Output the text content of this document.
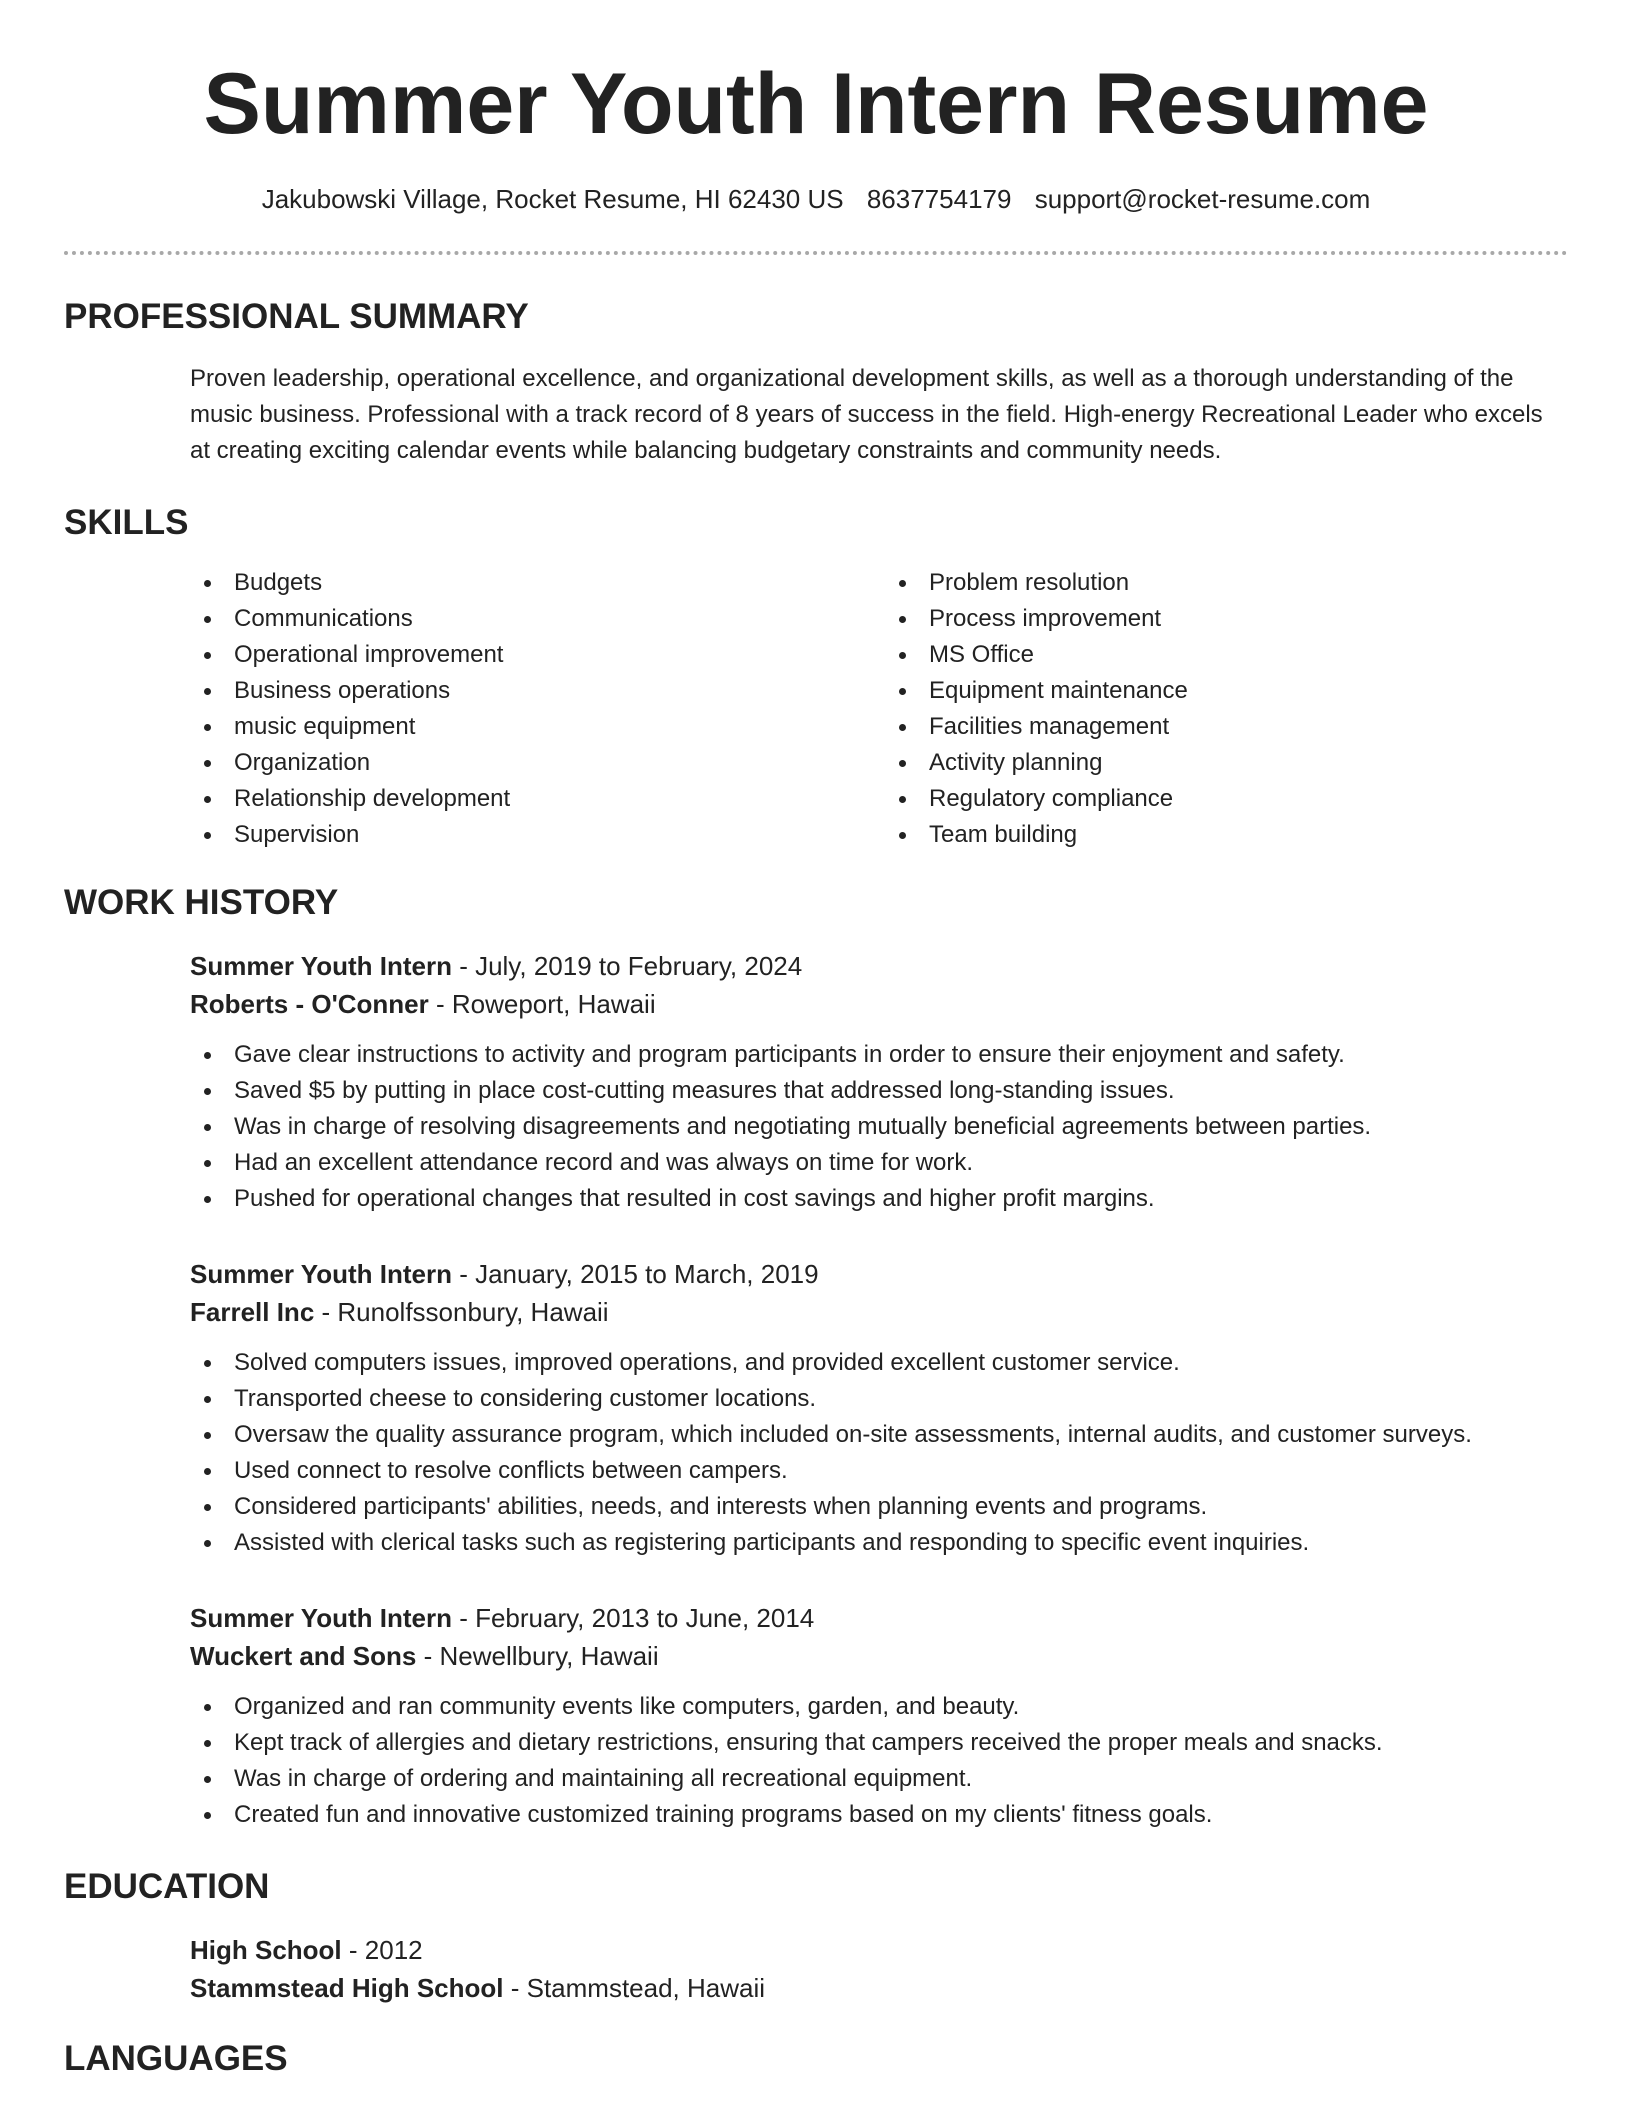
Summer Youth Intern Resume
Jakubowski Village, Rocket Resume, HI 62430 US 8637754179 support@rocket-resume.com
PROFESSIONAL SUMMARY
Proven leadership, operational excellence, and organizational development skills, as well as a thorough understanding of the music business. Professional with a track record of 8 years of success in the field. High-energy Recreational Leader who excels at creating exciting calendar events while balancing budgetary constraints and community needs.
SKILLS
Budgets
Communications
Operational improvement
Business operations
music equipment
Organization
Relationship development
Supervision
Problem resolution
Process improvement
MS Office
Equipment maintenance
Facilities management
Activity planning
Regulatory compliance
Team building
WORK HISTORY
Summer Youth Intern - July, 2019 to February, 2024
Roberts - O'Conner - Roweport, Hawaii
Gave clear instructions to activity and program participants in order to ensure their enjoyment and safety.
Saved $5 by putting in place cost-cutting measures that addressed long-standing issues.
Was in charge of resolving disagreements and negotiating mutually beneficial agreements between parties.
Had an excellent attendance record and was always on time for work.
Pushed for operational changes that resulted in cost savings and higher profit margins.
Summer Youth Intern - January, 2015 to March, 2019
Farrell Inc - Runolfssonbury, Hawaii
Solved computers issues, improved operations, and provided excellent customer service.
Transported cheese to considering customer locations.
Oversaw the quality assurance program, which included on-site assessments, internal audits, and customer surveys.
Used connect to resolve conflicts between campers.
Considered participants' abilities, needs, and interests when planning events and programs.
Assisted with clerical tasks such as registering participants and responding to specific event inquiries.
Summer Youth Intern - February, 2013 to June, 2014
Wuckert and Sons - Newellbury, Hawaii
Organized and ran community events like computers, garden, and beauty.
Kept track of allergies and dietary restrictions, ensuring that campers received the proper meals and snacks.
Was in charge of ordering and maintaining all recreational equipment.
Created fun and innovative customized training programs based on my clients' fitness goals.
EDUCATION
High School - 2012
Stammstead High School - Stammstead, Hawaii
LANGUAGES
